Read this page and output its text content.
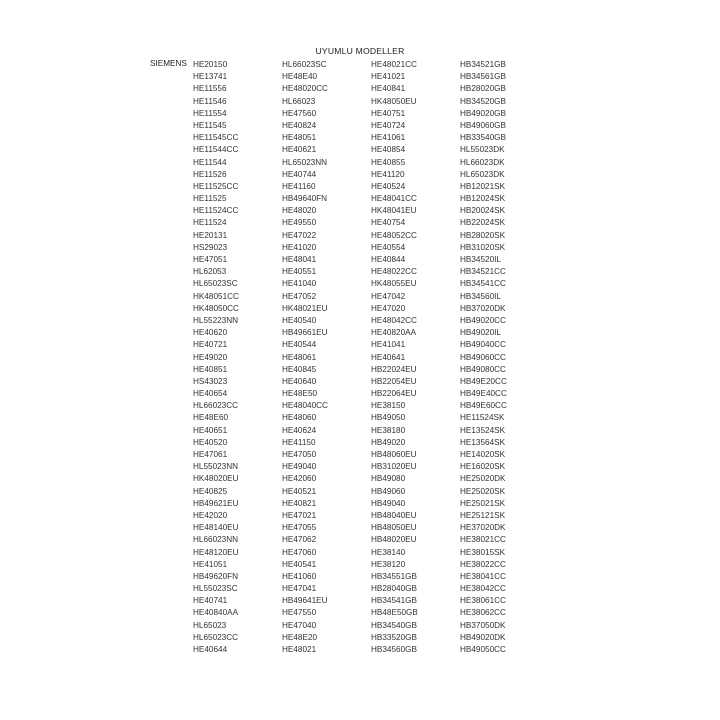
UYUMLU MODELLER
SIEMENS HE20150
HE13741
HE11556
HE11546
HE11554
HE11545
HE11545CC
HE11544CC
HE11544
HE11526
HE11525CC
HE11525
HE11524CC
HE11524
HE20131
HS29023
HE47051
HL62053
HL65023SC
HK48051CC
HK48050CC
HL55223NN
HE40620
HE40721
HE49020
HE40851
HS43023
HE40654
HL66023CC
HE48E60
HE40651
HE40520
HE47061
HL55023NN
HK48020EU
HE40825
HB49621EU
HE42020
HE48140EU
HL66023NN
HE48120EU
HE41051
HB49620FN
HL55023SC
HE40741
HE40840AA
HL65023
HL65023CC
HE40644
HL66023SC
HE48E40
HE48020CC
HL66023
HE47560
HE40824
HE48051
HE40621
HL65023NN
HE40744
HE41160
HB49640FN
HE48020
HE49550
HE47022
HE41020
HE48041
HE40551
HE41040
HE47052
HK48021EU
HE40540
HB49661EU
HE40544
HE48061
HE40845
HE40640
HE48E50
HE48040CC
HE48060
HE40624
HE41150
HE47050
HE49040
HE42060
HE40521
HE40821
HE47021
HE47055
HE47062
HE47060
HE40541
HE41060
HE47041
HB49641EU
HE47550
HE47040
HE48E20
HE48021
HE48021CC
HE41021
HE40841
HK48050EU
HE40751
HE40724
HE41061
HE40854
HE40855
HE41120
HE40524
HE48041CC
HK48041EU
HE40754
HE48052CC
HE40554
HE40844
HE48022CC
HK48055EU
HE47042
HE47020
HE48042CC
HE40820AA
HE41041
HE40641
HB22024EU
HB22054EU
HB22064EU
HE38150
HB49050
HE38180
HB49020
HB48060EU
HB31020EU
HB49080
HB49060
HB49040
HB48040EU
HB48050EU
HB48020EU
HE38140
HE38120
HB34551GB
HB28040GB
HB34541GB
HB48E50GB
HB34540GB
HB33520GB
HB34560GB
HB34521GB
HB34561GB
HB28020GB
HB34520GB
HB49020GB
HB49060GB
HB33540GB
HL55023DK
HL66023DK
HL65023DK
HB12021SK
HB12024SK
HB20024SK
HB22024SK
HB28020SK
HB31020SK
HB34520IL
HB34521CC
HB34541CC
HB34560IL
HB37020DK
HB49020CC
HB49020IL
HB49040CC
HB49060CC
HB49080CC
HB49E20CC
HB49E40CC
HB49E60CC
HE11524SK
HE13524SK
HE13564SK
HE14020SK
HE16020SK
HE25020DK
HE25020SK
HE25021SK
HE25121SK
HE37020DK
HE38021CC
HE38015SK
HE38022CC
HE38041CC
HE38042CC
HE38061CC
HE38062CC
HB37050DK
HB49020DK
HB49050CC
